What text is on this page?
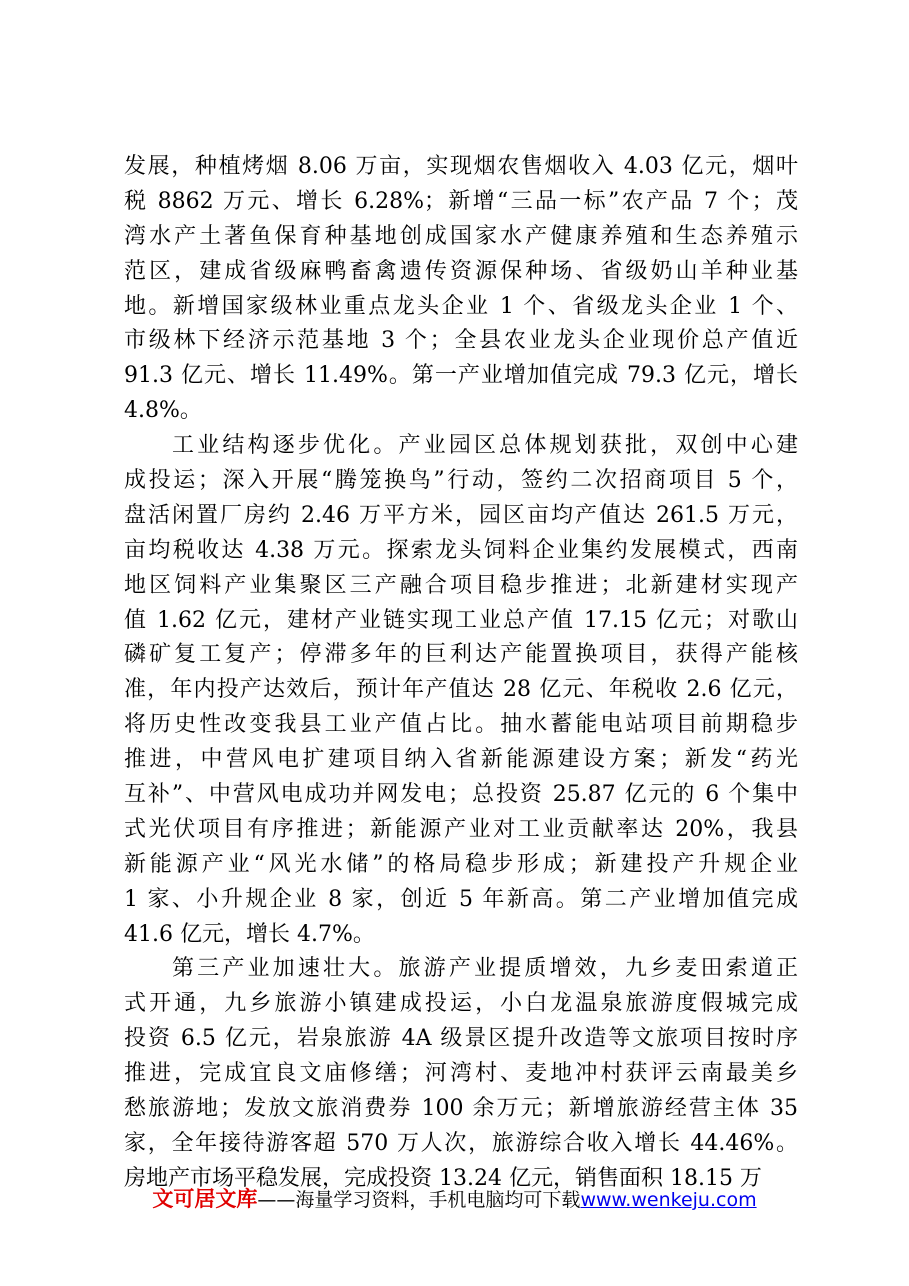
发展，种植烤烟 8.06 万亩，实现烟农售烟收入 4.03 亿元，烟叶
税 8862 万元、增长 6.28%；新增“三品一标”农产品 7 个；茂
湾水产土著鱼保育种基地创成国家水产健康养殖和生态养殖示
范区，建成省级麻鸭畜禽遗传资源保种场、省级奶山羊种业基
地。新增国家级林业重点龙头企业 1 个、省级龙头企业 1 个、
市级林下经济示范基地 3 个；全县农业龙头企业现价总产值近
91.3 亿元、增长 11.49%。第一产业增加值完成 79.3 亿元，增长
4.8%。
工业结构逐步优化。产业园区总体规划获批，双创中心建
成投运；深入开展“腾笼换鸟”行动，签约二次招商项目 5 个，
盘活闲置厂房约 2.46 万平方米，园区亩均产值达 261.5 万元，
亩均税收达 4.38 万元。探索龙头饲料企业集约发展模式，西南
地区饲料产业集聚区三产融合项目稳步推进；北新建材实现产
值 1.62 亿元，建材产业链实现工业总产值 17.15 亿元；对歌山
磷矿复工复产；停滞多年的巨利达产能置换项目，获得产能核
准，年内投产达效后，预计年产值达 28 亿元、年税收 2.6 亿元，
将历史性改变我县工业产值占比。抽水蓄能电站项目前期稳步
推进，中营风电扩建项目纳入省新能源建设方案；新发“药光
互补”、中营风电成功并网发电；总投资 25.87 亿元的 6 个集中
式光伏项目有序推进；新能源产业对工业贡献率达 20%，我县
新能源产业“风光水储”的格局稳步形成；新建投产升规企业
1 家、小升规企业 8 家，创近 5 年新高。第二产业增加值完成
41.6 亿元，增长 4.7%。
第三产业加速壮大。旅游产业提质增效，九乡麦田索道正
式开通，九乡旅游小镇建成投运，小白龙温泉旅游度假城完成
投资 6.5 亿元，岩泉旅游 4A 级景区提升改造等文旅项目按时序
推进，完成宜良文庙修缮；河湾村、麦地冲村获评云南最美乡
愁旅游地；发放文旅消费券 100 余万元；新增旅游经营主体 35
家，全年接待游客超 570 万人次，旅游综合收入增长 44.46%。
房地产市场平稳发展，完成投资 13.24 亿元，销售面积 18.15 万
文可居文库——海量学习资料，手机电脑均可下载www.wenkeju.com
